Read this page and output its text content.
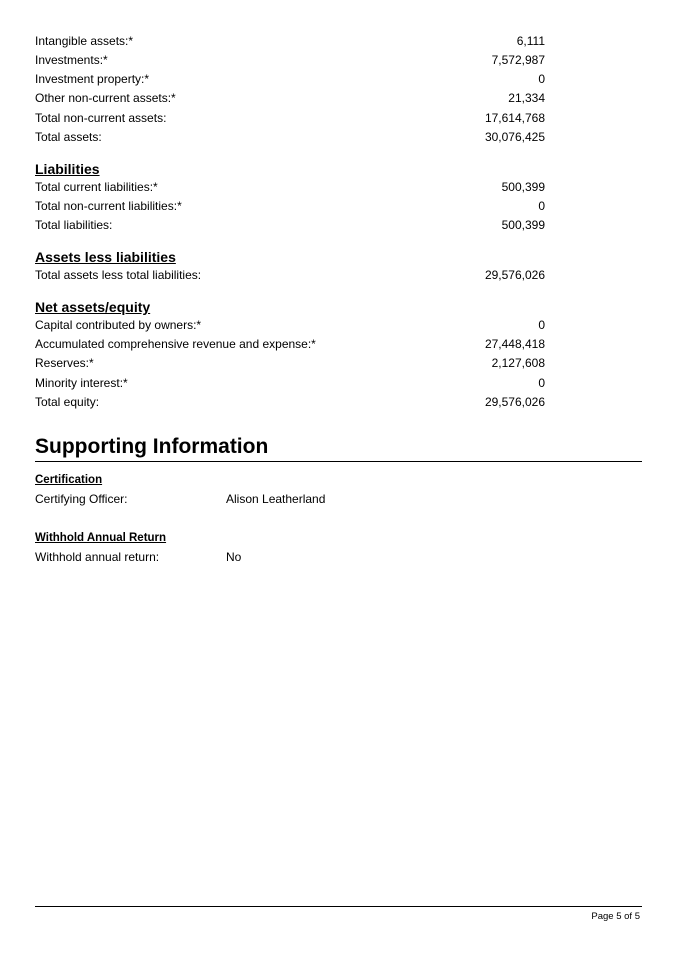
Intangible assets:*	6,111
Investments:*	7,572,987
Investment property:*	0
Other non-current assets:*	21,334
Total non-current assets:	17,614,768
Total assets:	30,076,425
Liabilities
Total current liabilities:*	500,399
Total non-current liabilities:*	0
Total liabilities:	500,399
Assets less liabilities
Total assets less total liabilities:	29,576,026
Net assets/equity
Capital contributed by owners:*	0
Accumulated comprehensive revenue and expense:*	27,448,418
Reserves:*	2,127,608
Minority interest:*	0
Total equity:	29,576,026
Supporting Information
Certification
Certifying Officer:	Alison Leatherland
Withhold Annual Return
Withhold annual return:	No
Page 5 of 5
